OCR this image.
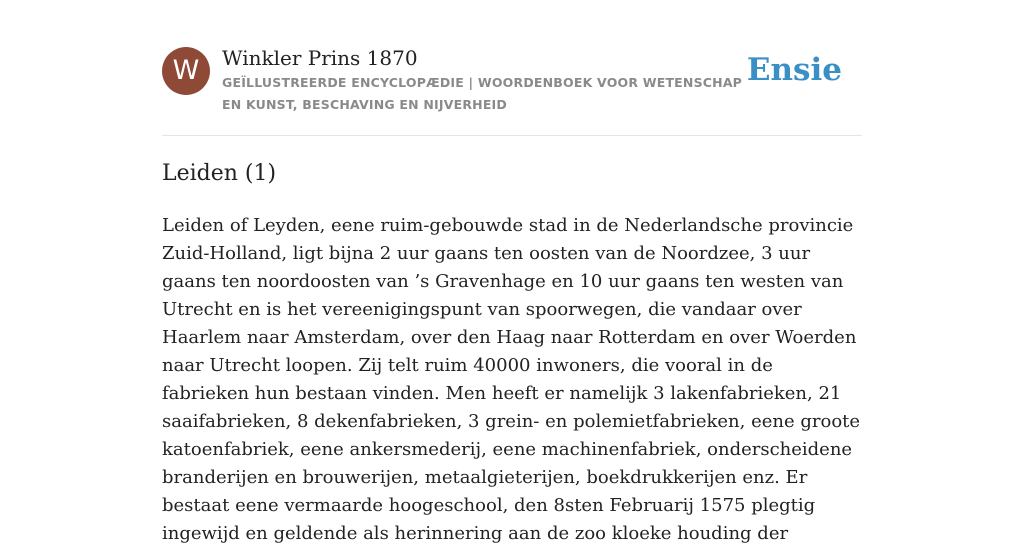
W	Winkler Prins 1870
GEÏLLUSTREERDE ENCYCLOPÆDIE | WOORDENBOEK VOOR WETENSCHAP EN KUNST, BESCHAVING EN NIJVERHEID
Ensie
Leiden (1)

Leiden of Leyden, eene ruim-gebouwde stad in de Nederlandsche provincie Zuid-Holland, ligt bijna 2 uur gaans ten oosten van de Noordzee, 3 uur gaans ten noordoosten van ’s Gravenhage en 10 uur gaans ten westen van Utrecht en is het vereenigingspunt van spoorwegen, die vandaar over Haarlem naar Amsterdam, over den Haag naar Rotterdam en over Woerden naar Utrecht loopen. Zij telt ruim 40000 inwoners, die vooral in de fabrieken hun bestaan vinden. Men heeft er namelijk 3 lakenfabrieken, 21 saaifabrieken, 8 dekenfabrieken, 3 grein- en polemietfabrieken, eene groote katoenfabriek, eene ankersmederij, eene machinenfabriek, onderscheidene branderijen en brouwerijen, metaalgieterijen, boekdrukkerijen enz. Er bestaat eene vermaarde hoogeschool, den 8sten Februarij 1575 plegtig ingewijd en geldende als herinnering aan de zoo kloeke houding der
